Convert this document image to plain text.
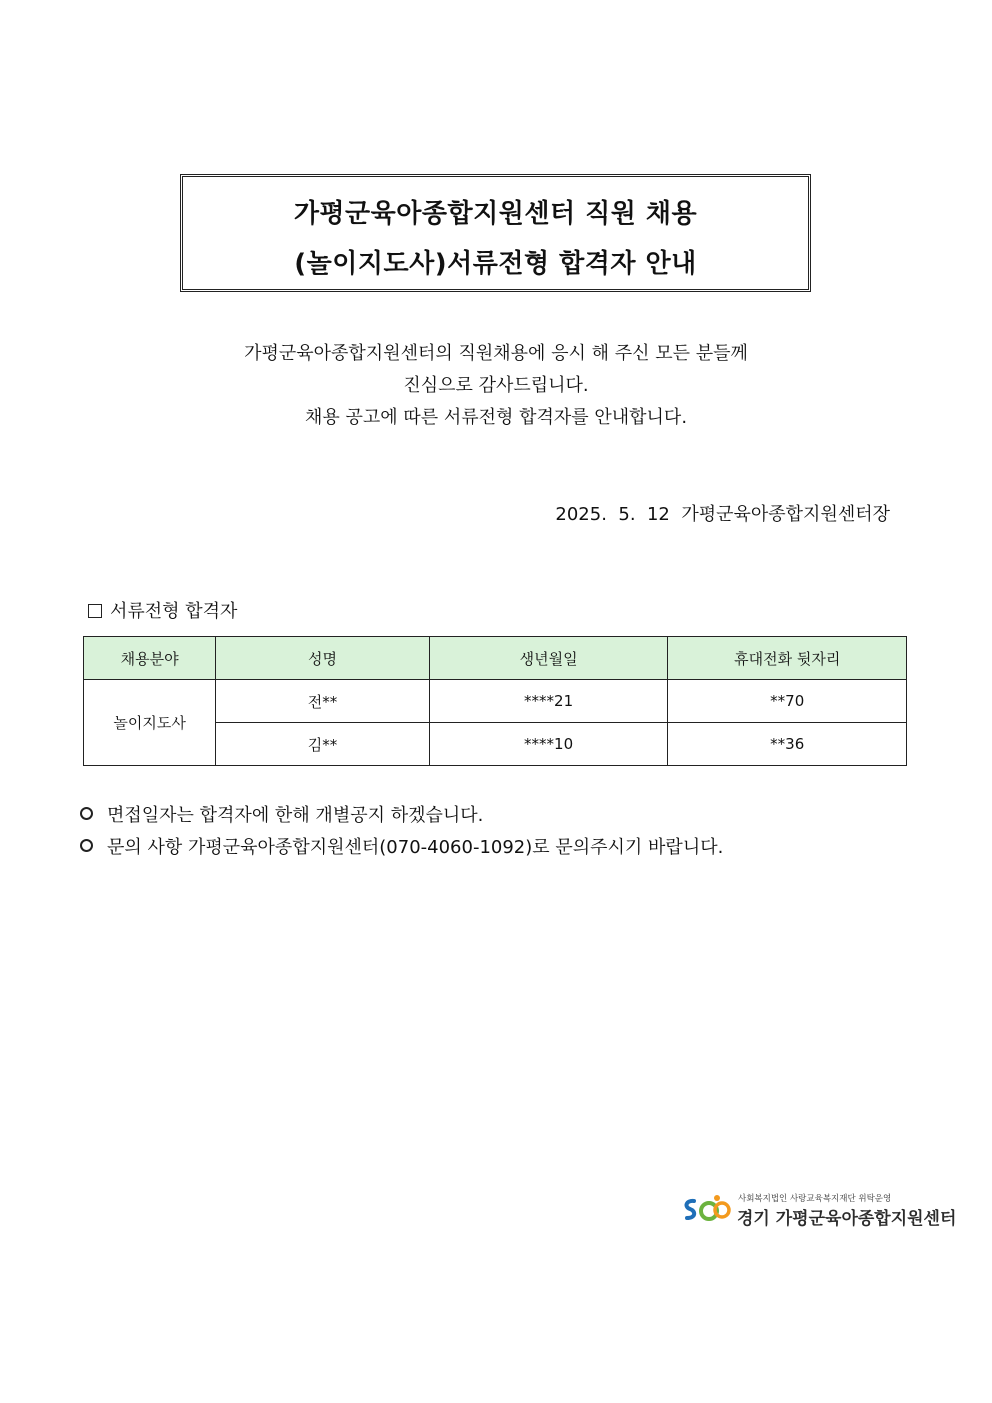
가평군육아종합지원센터 직원 채용
(놀이지도사)서류전형 합격자 안내
가평군육아종합지원센터의 직원채용에 응시 해 주신 모든 분들께
진심으로 감사드립니다.
채용 공고에 따른 서류전형 합격자를 안내합니다.
2025.  5.  12 가평군육아종합지원센터장
서류전형 합격자
채용분야	성명	생년월일	휴대전화 뒷자리
놀이지도사	전**	****21	**70
	김**	****10	**36
면접일자는 합격자에 한해 개별공지 하겠습니다.
문의 사항 가평군육아종합지원센터(070-4060-1092)로 문의주시기 바랍니다.
사회복지법인 사랑교육복지재단 위탁운영
경기 가평군육아종합지원센터
